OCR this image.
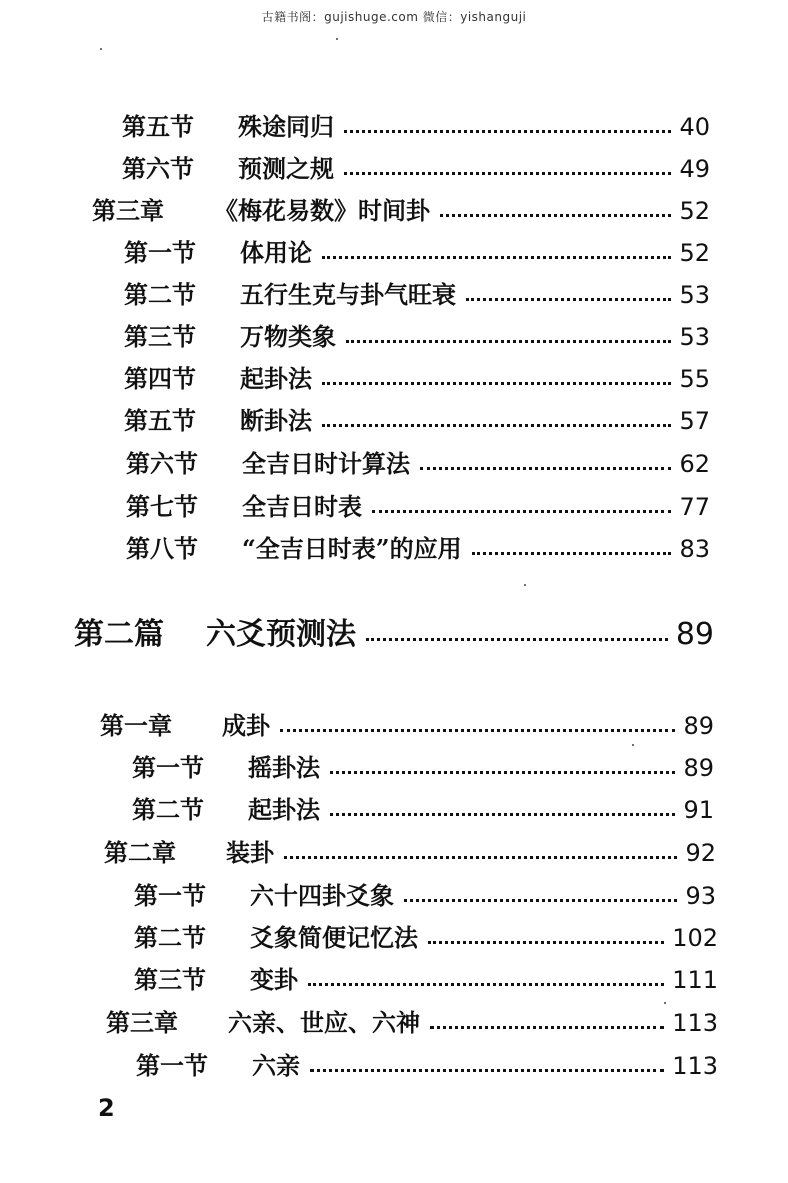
古籍书阁：gujishuge.com 微信：yishanguji
第五节	殊途同归	40
第六节	预测之规	49
第三章	《梅花易数》时间卦	52
第一节	体用论	52
第二节	五行生克与卦气旺衰	53
第三节	万物类象	53
第四节	起卦法	55
第五节	断卦法	57
第六节	全吉日时计算法	62
第七节	全吉日时表	77
第八节	“全吉日时表”的应用	83
第二篇	六爻预测法	89
第一章	成卦	89
第一节	摇卦法	89
第二节	起卦法	91
第二章	装卦	92
第一节	六十四卦爻象	93
第二节	爻象简便记忆法	102
第三节	变卦	111
第三章	六亲、世应、六神	113
第一节	六亲	113
2
